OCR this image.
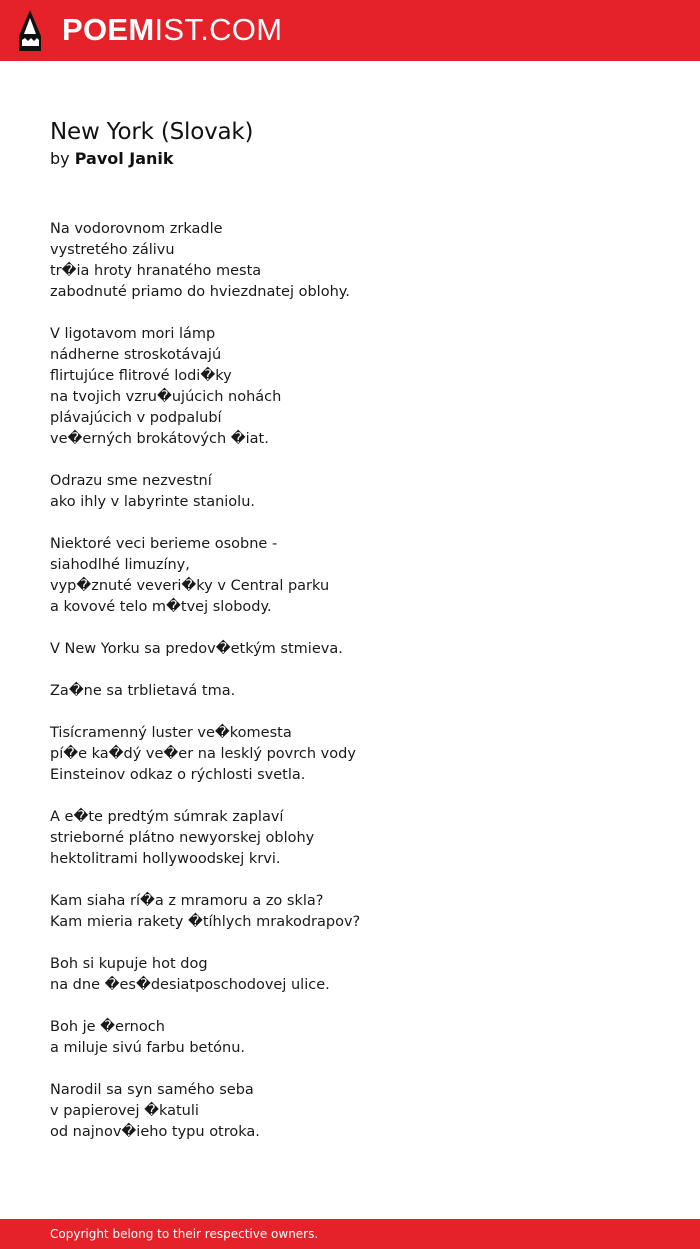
POEMIST.COM
New York (Slovak)
by Pavol Janik
Na vodorovnom zrkadle
vystretého zálivu
tr�ia hroty hranatého mesta
zabodnuté priamo do hviezdnatej oblohy.
V ligotavom mori lámp
nádherne stroskotávajú
flirtujúce flitrové lodi�ky
na tvojich vzru�ujúcich nohách
plávajúcich v podpalubí
ve�erných brokátových �iat.
Odrazu sme nezvestní
ako ihly v labyrinte staniolu.
Niektoré veci berieme osobne -
siahodlhé limuzíny,
vyp�znuté veveri�ky v Central parku
a kovové telo m�tvej slobody.
V New Yorku sa predov�etkým stmieva.
Za�ne sa trblietavá tma.
Tisícramenný luster ve�komesta
pí�e ka�dý ve�er na lesklý povrch vody
Einsteinov odkaz o rýchlosti svetla.
A e�te predtým súmrak zaplaví
strieborné plátno newyorskej oblohy
hektolitrami hollywoodskej krvi.
Kam siaha rí�a z mramoru a zo skla?
Kam mieria rakety �tíhlych mrakodrapov?
Boh si kupuje hot dog
na dne �es�desiatposchodovej ulice.
Boh je �ernoch
a miluje sivú farbu betónu.
Narodil sa syn samého seba
v papierovej �katuli
od najnov�ieho typu otroka.
Copyright belong to their respective owners.
